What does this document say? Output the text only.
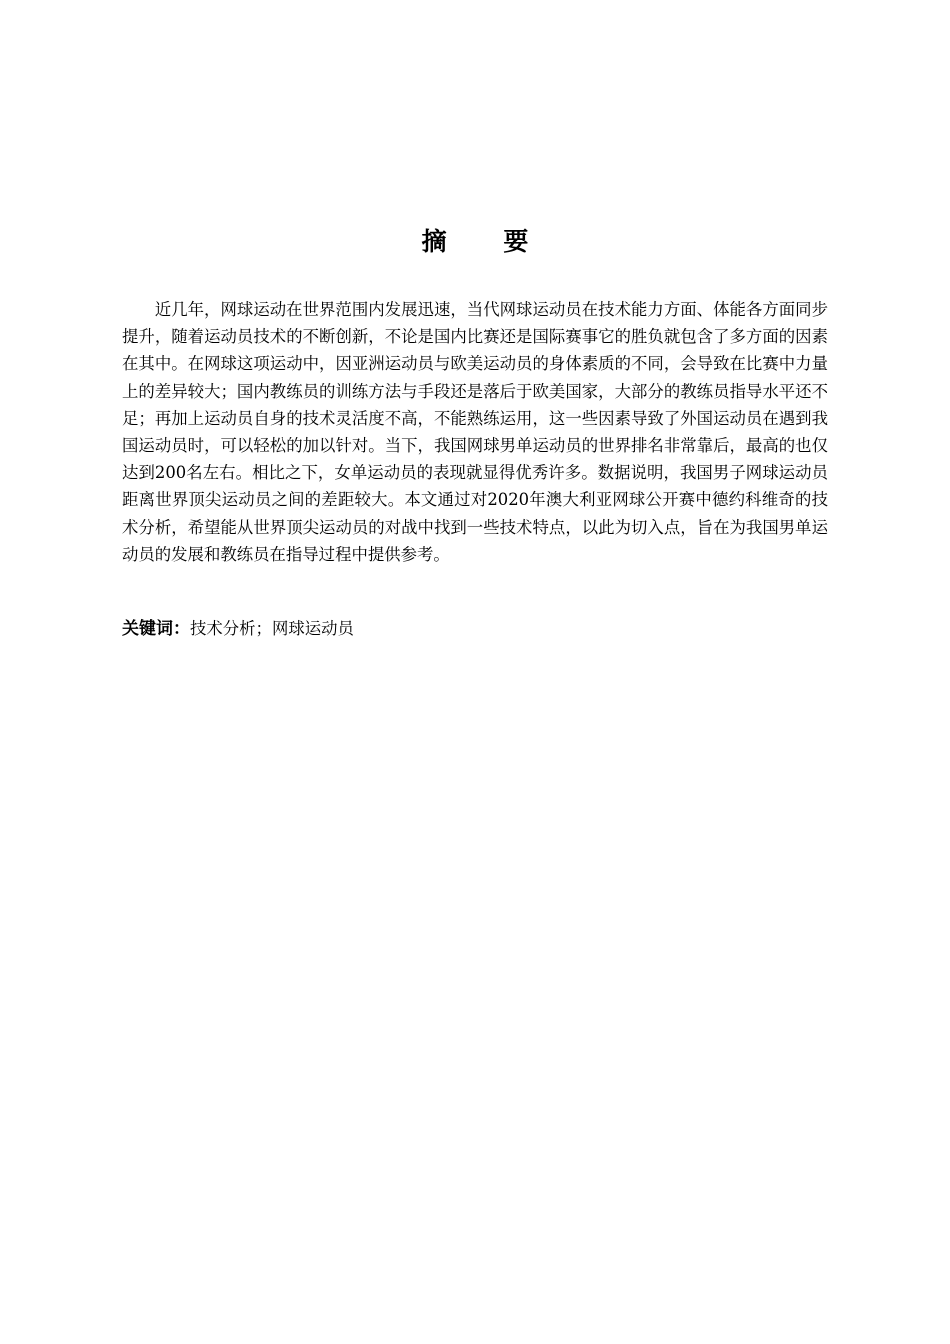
摘 要

近几年，网球运动在世界范围内发展迅速，当代网球运动员在技术能力方面、体能各方面同步提升，随着运动员技术的不断创新，不论是国内比赛还是国际赛事它的胜负就包含了多方面的因素在其中。在网球这项运动中，因亚洲运动员与欧美运动员的身体素质的不同，会导致在比赛中力量上的差异较大；国内教练员的训练方法与手段还是落后于欧美国家，大部分的教练员指导水平还不足；再加上运动员自身的技术灵活度不高，不能熟练运用，这一些因素导致了外国运动员在遇到我国运动员时，可以轻松的加以针对。当下，我国网球男单运动员的世界排名非常靠后，最高的也仅达到200名左右。相比之下，女单运动员的表现就显得优秀许多。数据说明，我国男子网球运动员距离世界顶尖运动员之间的差距较大。本文通过对2020年澳大利亚网球公开赛中德约科维奇的技术分析，希望能从世界顶尖运动员的对战中找到一些技术特点，以此为切入点，旨在为我国男单运动员的发展和教练员在指导过程中提供参考。

关键词：技术分析；网球运动员
